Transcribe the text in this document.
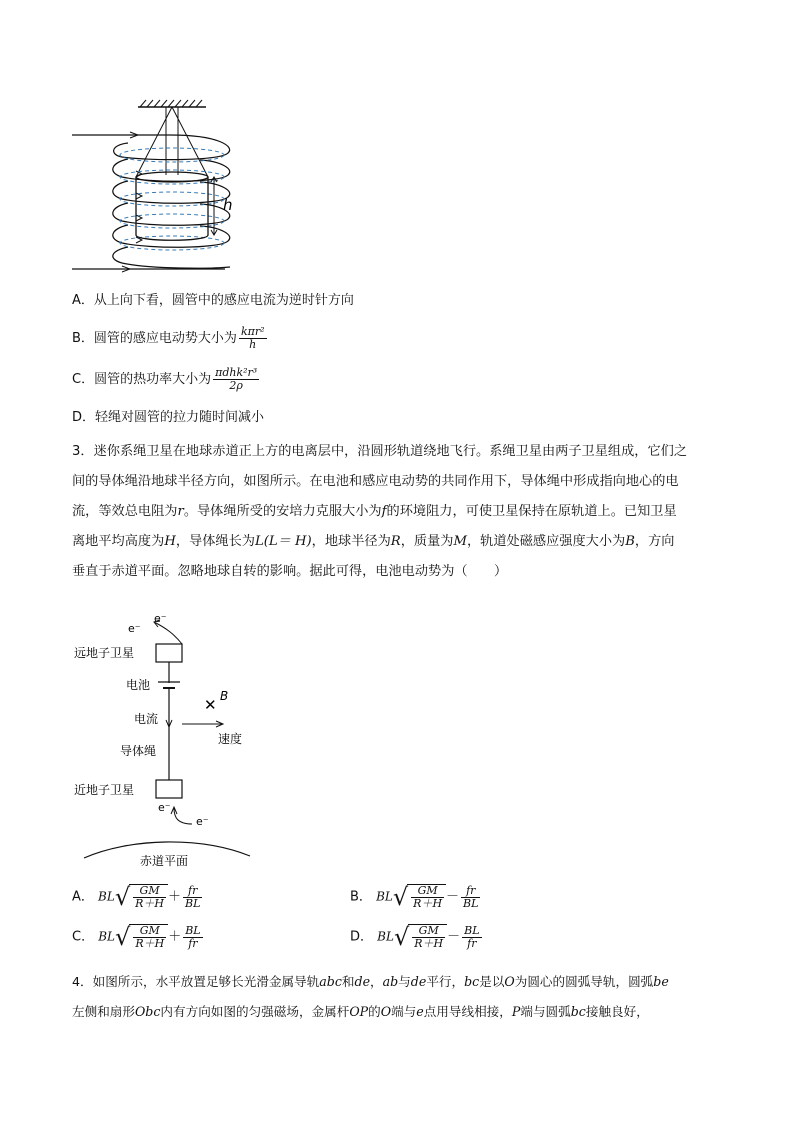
h
A．从上向下看，圆管中的感应电流为逆时针方向
B．圆管的感应电动势大小为 $\frac{\text{kπr²}}{h}$
C．圆管的热功率大小为 $\frac{\text{πdhk²r³}}{2\rho}$
D．轻绳对圆管的拉力随时间减小
3．迷你系绳卫星在地球赤道正上方的电离层中，沿圆形轨道绕地飞行。系绳卫星由两子卫星组成，它们之
间的导体绳沿地球半径方向，如图所示。在电池和感应电动势的共同作用下，导体绳中形成指向地心的电
流，等效总电阻为r。导体绳所受的安培力克服大小为f的环境阻力，可使卫星保持在原轨道上。已知卫星
离地平均高度为H，导体绳长为L(L＝ H)，地球半径为R，质量为M，轨道处磁感应强度大小为B，方向
垂直于赤道平面。忽略地球自转的影响。据此可得，电池电动势为（　　）
e⁻
e⁻
远地子卫星
电池
电流
导体绳
近地子卫星
e⁻
e⁻
✕ B
速度
赤道平面
A． $BL√ \frac{GM}{R+H} + \frac{fr}{BL}$	B． $BL√ \frac{GM}{R+H} - \frac{fr}{BL}$
C． $BL√ \frac{GM}{R+H} + \frac{BL}{fr}$	D． $BL√ \frac{GM}{R+H} - \frac{BL}{fr}$
4．如图所示，水平放置足够长光滑金属导轨abc和de，ab与de平行，bc是以O为圆心的圆弧导轨，圆弧be
左侧和扇形Obc内有方向如图的匀强磁场，金属杆OP的O端与e点用导线相接，P端与圆弧bc接触良好，
